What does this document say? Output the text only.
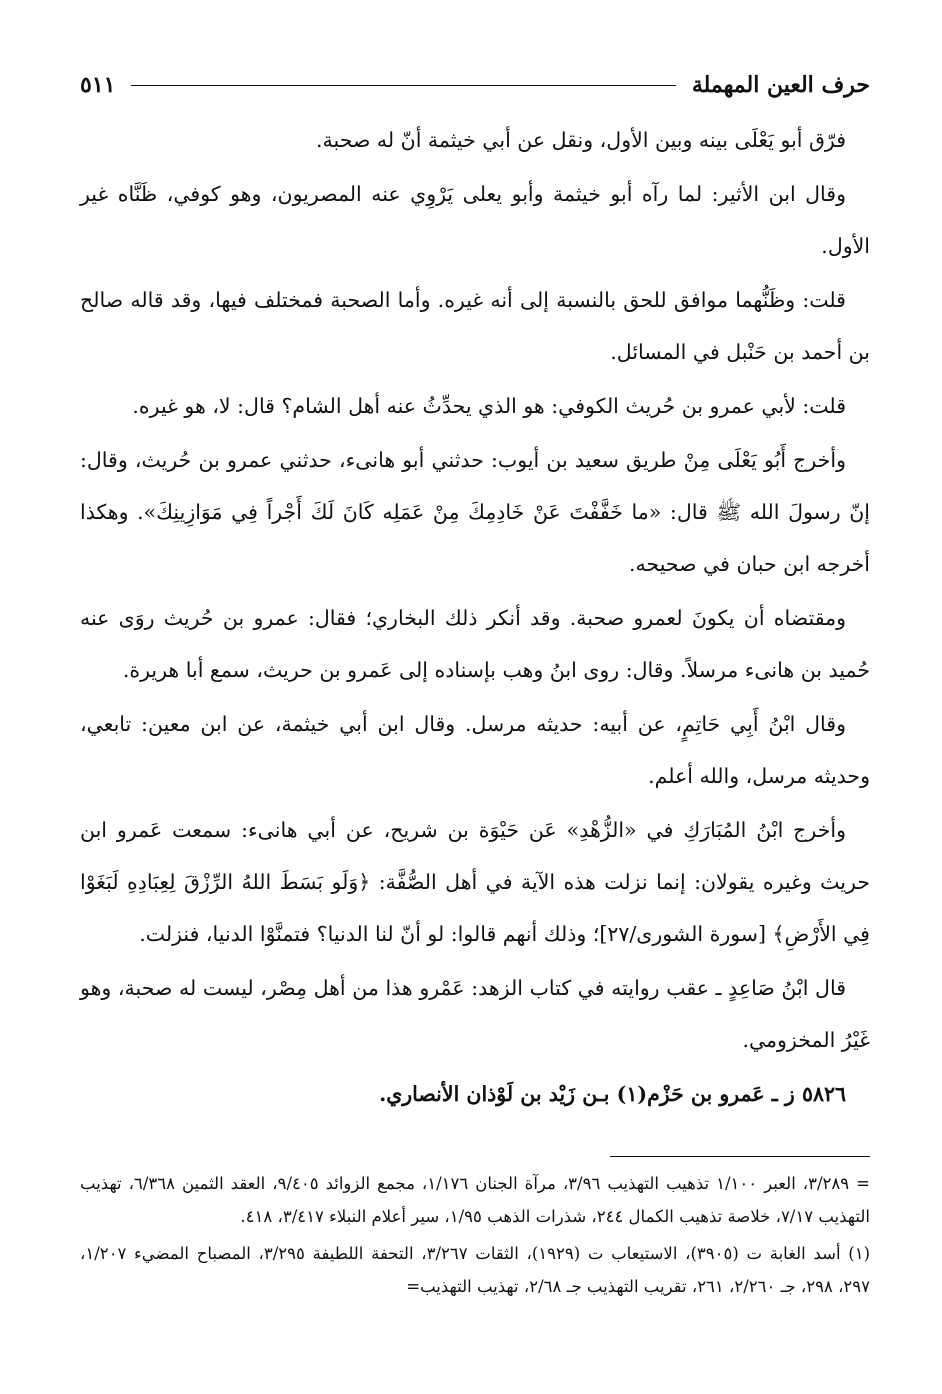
حرف العين المهملة
٥١١

فرّق أبو يَعْلَى بينه وبين الأول، ونقل عن أبي خيثمة أنّ له صحبة.

وقال ابن الأثير: لما رآه أبو خيثمة وأبو يعلى يَرْوِي عنه المصريون، وهو كوفي، ظَنَّاه غير الأول.

قلت: وظَنُّهما موافق للحق بالنسبة إلى أنه غيره. وأما الصحبة فمختلف فيها، وقد قاله صالح بن أحمد بن حَنْبل في المسائل.

قلت: لأبي عمرو بن حُريث الكوفي: هو الذي يحدِّثُ عنه أهل الشام؟ قال: لا، هو غيره.

وأخرج أَبُو يَعْلَى مِنْ طريق سعيد بن أيوب: حدثني أبو هانىء، حدثني عمرو بن حُريث، وقال: إنّ رسولَ الله ﷺ قال: «ما خَفَّفْتَ عَنْ خَادِمِكَ مِنْ عَمَلِه كَانَ لَكَ أَجْراً فِي مَوَازِينِكَ». وهكذا أخرجه ابن حبان في صحيحه.

ومقتضاه أن يكونَ لعمرو صحبة. وقد أنكر ذلك البخاري؛ فقال: عمرو بن حُريث روَى عنه حُميد بن هانىء مرسلاً. وقال: روى ابنُ وهب بإسناده إلى عَمرو بن حريث، سمع أبا هريرة.

وقال ابْنُ أَبِي حَاتِمٍ، عن أبيه: حديثه مرسل. وقال ابن أبي خيثمة، عن ابن معين: تابعي، وحديثه مرسل، والله أعلم.

وأخرج ابْنُ المُبَارَكِ في «الزُّهْدِ» عَن حَيْوَة بن شريح، عن أبي هانىء: سمعت عَمرو ابن حريث وغيره يقولان: إنما نزلت هذه الآية في أهل الصُّفَّة: ﴿وَلَو بَسَطَ اللهُ الرِّزْقَ لِعِبَادِهِ لَبَغَوْا فِي الأَرْضِ﴾ [سورة الشورى/٢٧]؛ وذلك أنهم قالوا: لو أنّ لنا الدنيا؟ فتمنَّوْا الدنيا، فنزلت.

قال ابْنُ صَاعِدٍ ـ عقب روايته في كتاب الزهد: عَمْرو هذا من أهل مِصْر، ليست له صحبة، وهو غَيْرُ المخزومي.

٥٨٢٦ ز ـ عَمرو بن حَزْم(١) بـن زَيْد بن لَوْذان الأنصاري.

= ٣/٢٨٩، العبر ١/١٠٠ تذهيب التهذيب ٣/٩٦، مرآة الجنان ١/١٧٦، مجمع الزوائد ٩/٤٠٥، العقد الثمين ٦/٣٦٨، تهذيب التهذيب ٧/١٧، خلاصة تذهيب الكمال ٢٤٤، شذرات الذهب ١/٩٥، سير أعلام النبلاء ٣/٤١٧، ٤١٨.

(١) أسد الغابة ت (٣٩٠٥)، الاستيعاب ت (١٩٢٩)، الثقات ٣/٢٦٧، التحفة اللطيفة ٣/٢٩٥، المصباح المضيء ١/٢٠٧، ٢٩٧، ٢٩٨، جـ ٢/٢٦٠، ٢٦١، تقريب التهذيب جـ ٢/٦٨، تهذيب التهذيب=
